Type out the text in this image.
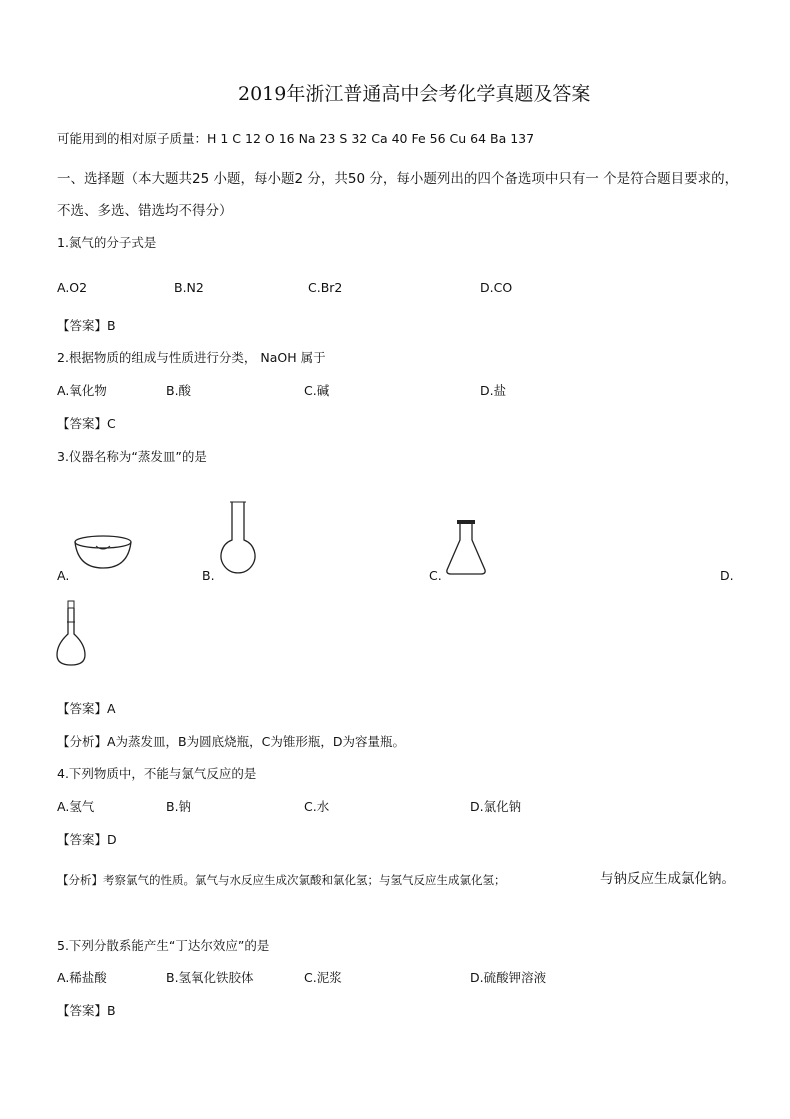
2019年浙江普通高中会考化学真题及答案
可能用到的相对原子质量：H 1 C 12 O 16 Na 23 S 32 Ca 40 Fe 56 Cu 64 Ba 137
一、选择题（本大题共25 小题，每小题2 分，共50 分，每小题列出的四个备选项中只有一 个是符合题目要求的，
不选、多选、错选均不得分）
1.氮气的分子式是
A.O2	B.N2	C.Br2	D.CO
【答案】B
2.根据物质的组成与性质进行分类， NaOH 属于
A.氧化物	B.酸	C.碱	D.盐
【答案】C
3.仪器名称为“蒸发皿”的是
A.	B.	C.	D.
【答案】A
【分析】A为蒸发皿，B为圆底烧瓶，C为锥形瓶，D为容量瓶。
4.下列物质中，不能与氯气反应的是
A.氢气	B.钠	C.水	D.氯化钠
【答案】D
【分析】考察氯气的性质。氯气与水反应生成次氯酸和氯化氢；与氢气反应生成氯化氢；	与钠反应生成氯化钠。
5.下列分散系能产生“丁达尔效应”的是
A.稀盐酸	B.氢氧化铁胶体	C.泥浆	D.硫酸钾溶液
【答案】B
